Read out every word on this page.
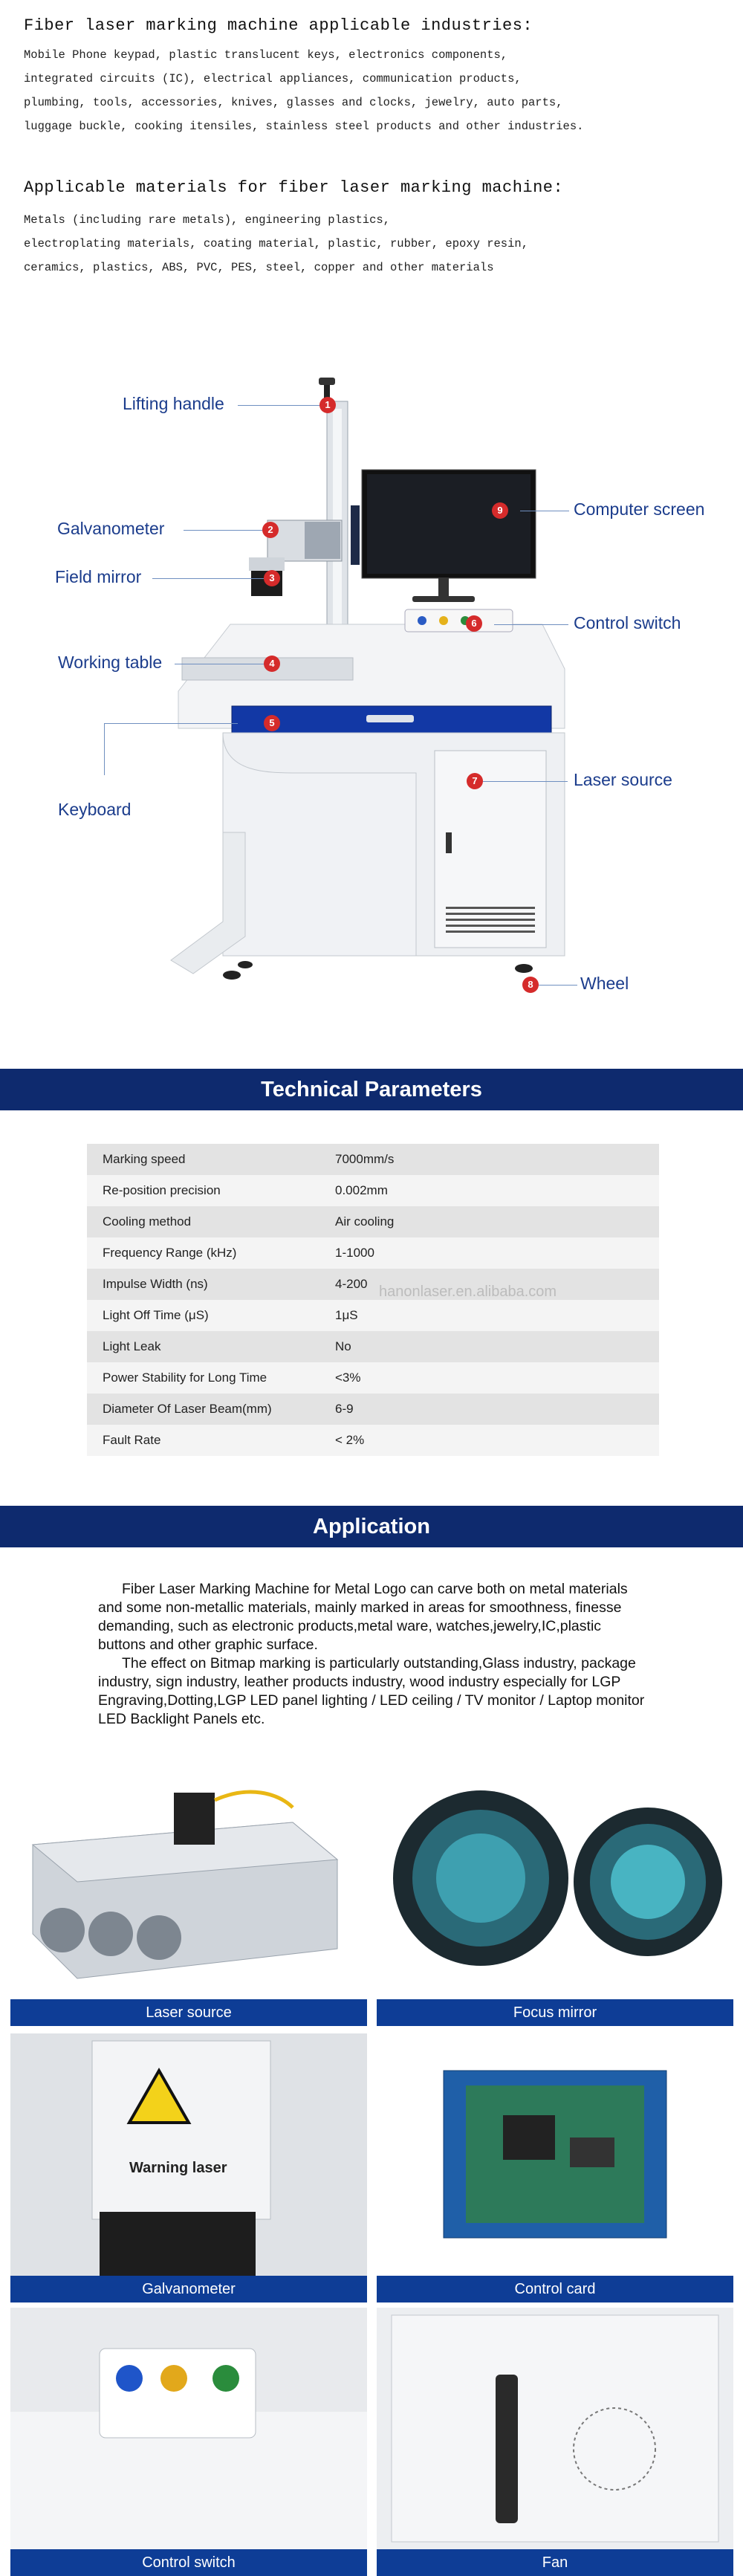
Fiber laser marking machine applicable industries:
Mobile Phone keypad, plastic translucent keys, electronics components,
integrated circuits (IC), electrical appliances, communication products,
plumbing, tools, accessories, knives, glasses and clocks, jewelry, auto parts,
luggage buckle, cooking itensiles, stainless steel products and other industries.
Applicable materials for fiber laser marking machine:
Metals (including rare metals), engineering plastics,
electroplating materials, coating material, plastic, rubber, epoxy resin,
ceramics, plastics, ABS, PVC, PES, steel, copper and other materials
Lifting handle
Galvanometer
Field mirror
Working table
Keyboard
Computer screen
Control switch
Laser source
Wheel
1
2
3
4
5
6
7
8
9
Technical Parameters
Marking speed	7000mm/s
Re-position precision	0.002mm
Cooling method	Air cooling
Frequency Range (kHz)	1-1000
Impulse Width (ns)	4-200
Light Off Time (μS)	1μS
Light Leak	No
Power Stability for Long Time	<3%
Diameter Of Laser Beam(mm)	6-9
Fault Rate	< 2%
hanonlaser.en.alibaba.com
Application

Fiber Laser Marking Machine for Metal Logo can carve both on metal materials and some non-metallic materials, mainly marked in areas for smoothness, finesse demanding, such as electronic products,metal ware, watches,jewelry,IC,plastic buttons and other graphic surface.

The effect on Bitmap marking is particularly outstanding,Glass industry, package industry, sign industry, leather products industry, wood industry especially for LGP Engraving,Dotting,LGP LED panel lighting / LED ceiling / TV monitor / Laptop monitor LED Backlight Panels etc.

Laser source	Focus mirror
Warning laser
Galvanometer	Control card
Control switch	Fan
